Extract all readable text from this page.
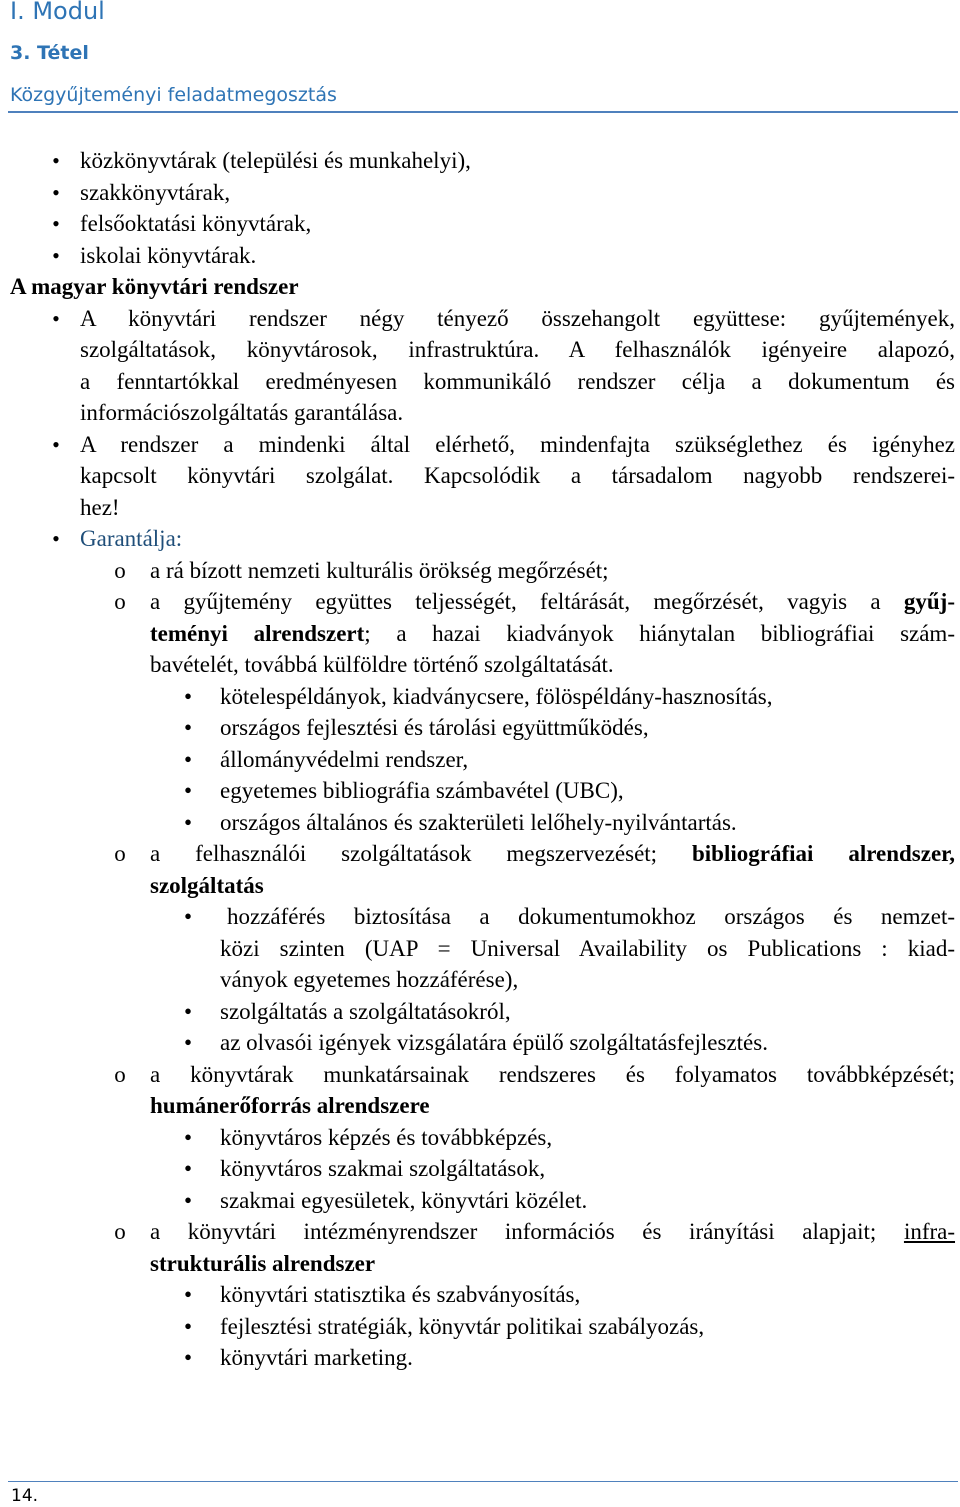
I. Modul
3. Tétel
Közgyűjteményi feladatmegosztás
• közkönyvtárak (települési és munkahelyi),
• szakkönyvtárak,
• felsőoktatási könyvtárak,
• iskolai könyvtárak.
A magyar könyvtári rendszer
• A könyvtári rendszer négy tényező összehangolt együttese: gyűjtemények,
szolgáltatások, könyvtárosok, infrastruktúra. A felhasználók igényeire alapozó,
a fenntartókkal eredményesen kommunikáló rendszer célja a dokumentum és
információszolgáltatás garantálása.
• A rendszer a mindenki által elérhető, mindenfajta szükséglethez és igényhez
kapcsolt könyvtári szolgálat. Kapcsolódik a társadalom nagyobb rendszerei-
hez!
• Garantálja:
o a rá bízott nemzeti kulturális örökség megőrzését;
o a gyűjtemény együttes teljességét, feltárását, megőrzését, vagyis a gyűj-
teményi alrendszert; a hazai kiadványok hiánytalan bibliográfiai szám-
bavételét, továbbá külföldre történő szolgáltatását.
•	kötelespéldányok, kiadványcsere, fölöspéldány-hasznosítás,
•	országos fejlesztési és tárolási együttműködés,
•	állományvédelmi rendszer,
•	egyetemes bibliográfia számbavétel (UBC),
•	országos általános és szakterületi lelőhely-nyilvántartás.
o a felhasználói szolgáltatások megszervezését; bibliográfiai alrendszer,
szolgáltatás
•	hozzáférés biztosítása a dokumentumokhoz országos és nemzet-
közi szinten (UAP = Universal Availability os Publications : kiad-
ványok egyetemes hozzáférése),
•	szolgáltatás a szolgáltatásokról,
•	az olvasói igények vizsgálatára épülő szolgáltatásfejlesztés.
o a könyvtárak munkatársainak rendszeres és folyamatos továbbképzését;
humánerőforrás alrendszere
•	könyvtáros képzés és továbbképzés,
•	könyvtáros szakmai szolgáltatások,
•	szakmai egyesületek, könyvtári közélet.
o a könyvtári intézményrendszer információs és irányítási alapjait; infra-
strukturális alrendszer
•	könyvtári statisztika és szabványosítás,
•	fejlesztési stratégiák, könyvtár politikai szabályozás,
•	könyvtári marketing.
14.
